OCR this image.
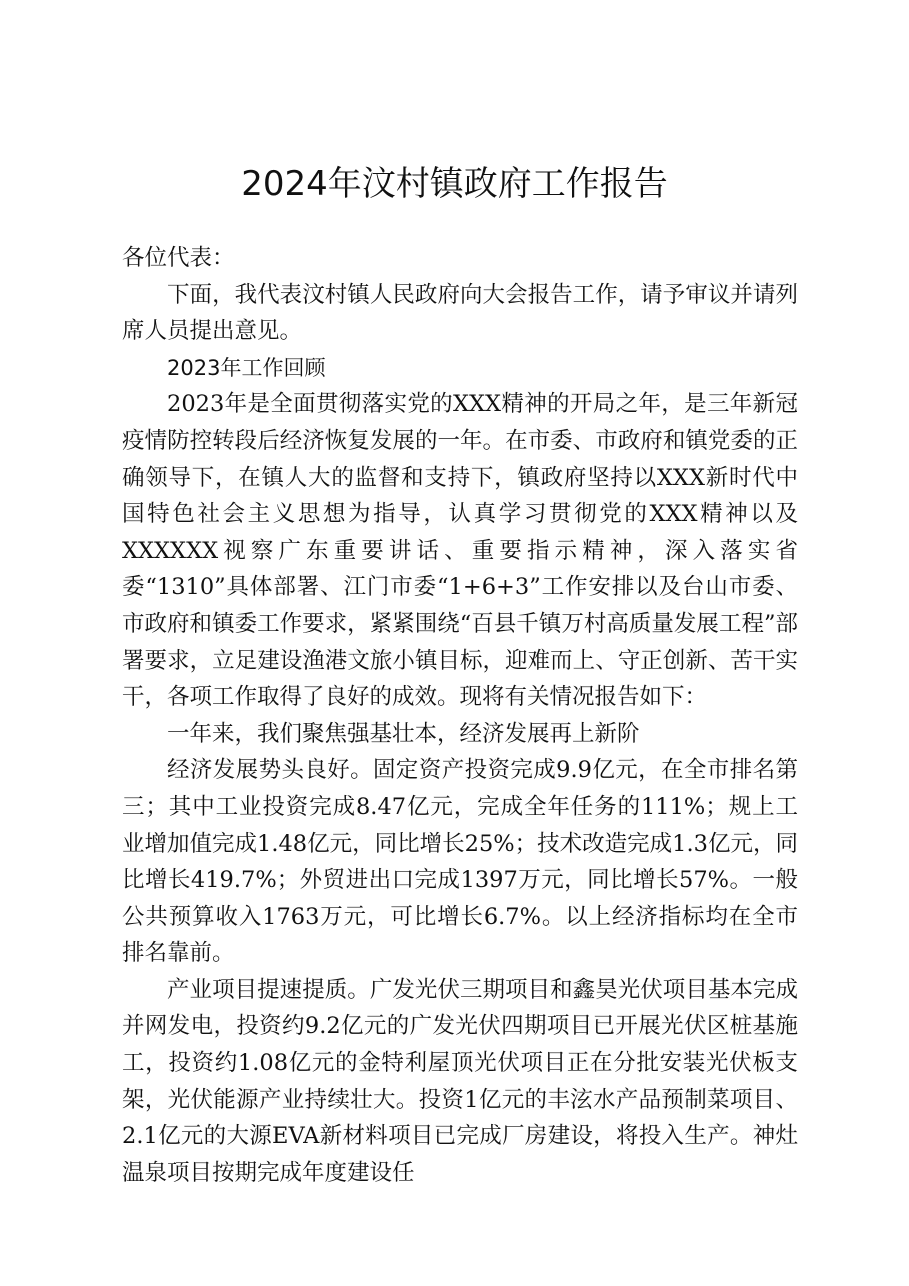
2024年汶村镇政府工作报告

各位代表：

下面，我代表汶村镇人民政府向大会报告工作，请予审议并请列席人员提出意见。

2023年工作回顾

2023年是全面贯彻落实党的XXX精神的开局之年，是三年新冠疫情防控转段后经济恢复发展的一年。在市委、市政府和镇党委的正确领导下，在镇人大的监督和支持下，镇政府坚持以XXX新时代中国特色社会主义思想为指导，认真学习贯彻党的XXX精神以及XXXXXX视察广东重要讲话、重要指示精神，深入落实省委“1310”具体部署、江门市委“1+6+3”工作安排以及台山市委、市政府和镇委工作要求，紧紧围绕“百县千镇万村高质量发展工程”部署要求，立足建设渔港文旅小镇目标，迎难而上、守正创新、苦干实干，各项工作取得了良好的成效。现将有关情况报告如下：

一年来，我们聚焦强基壮本，经济发展再上新阶

经济发展势头良好。固定资产投资完成9.9亿元，在全市排名第三；其中工业投资完成8.47亿元，完成全年任务的111%；规上工业增加值完成1.48亿元，同比增长25%；技术改造完成1.3亿元，同比增长419.7%；外贸进出口完成1397万元，同比增长57%。一般公共预算收入1763万元，可比增长6.7%。以上经济指标均在全市排名靠前。

产业项目提速提质。广发光伏三期项目和鑫昊光伏项目基本完成并网发电，投资约9.2亿元的广发光伏四期项目已开展光伏区桩基施工，投资约1.08亿元的金特利屋顶光伏项目正在分批安装光伏板支架，光伏能源产业持续壮大。投资1亿元的丰泫水产品预制菜项目、2.1亿元的大源EVA新材料项目已完成厂房建设，将投入生产。神灶温泉项目按期完成年度建设任
